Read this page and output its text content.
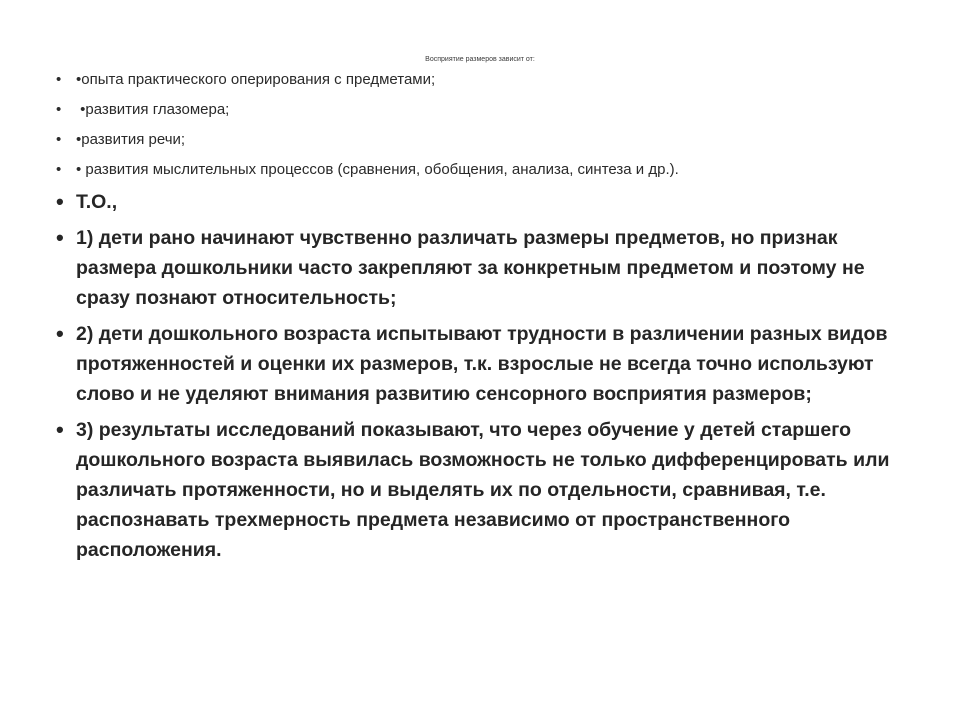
Восприятие размеров зависит от:
• •опыта практического оперирования с предметами;
• •развития глазомера;
• •развития речи;
• • развития мыслительных процессов (сравнения, обобщения, анализа, синтеза и др.).
• Т.О.,
• 1) дети рано начинают чувственно различать размеры предметов, но признак размера дошкольники часто закрепляют за конкретным предметом и поэтому не сразу познают относительность;
• 2) дети дошкольного возраста испытывают трудности в различении разных видов протяженностей и оценки их размеров, т.к. взрослые не всегда точно используют слово и не уделяют внимания развитию сенсорного восприятия размеров;
• 3) результаты исследований показывают, что через обучение у детей старшего дошкольного возраста выявилась возможность не только дифференцировать или различать протяженности, но и выделять их по отдельности, сравнивая, т.е. распознавать трехмерность предмета независимо от пространственного расположения.
